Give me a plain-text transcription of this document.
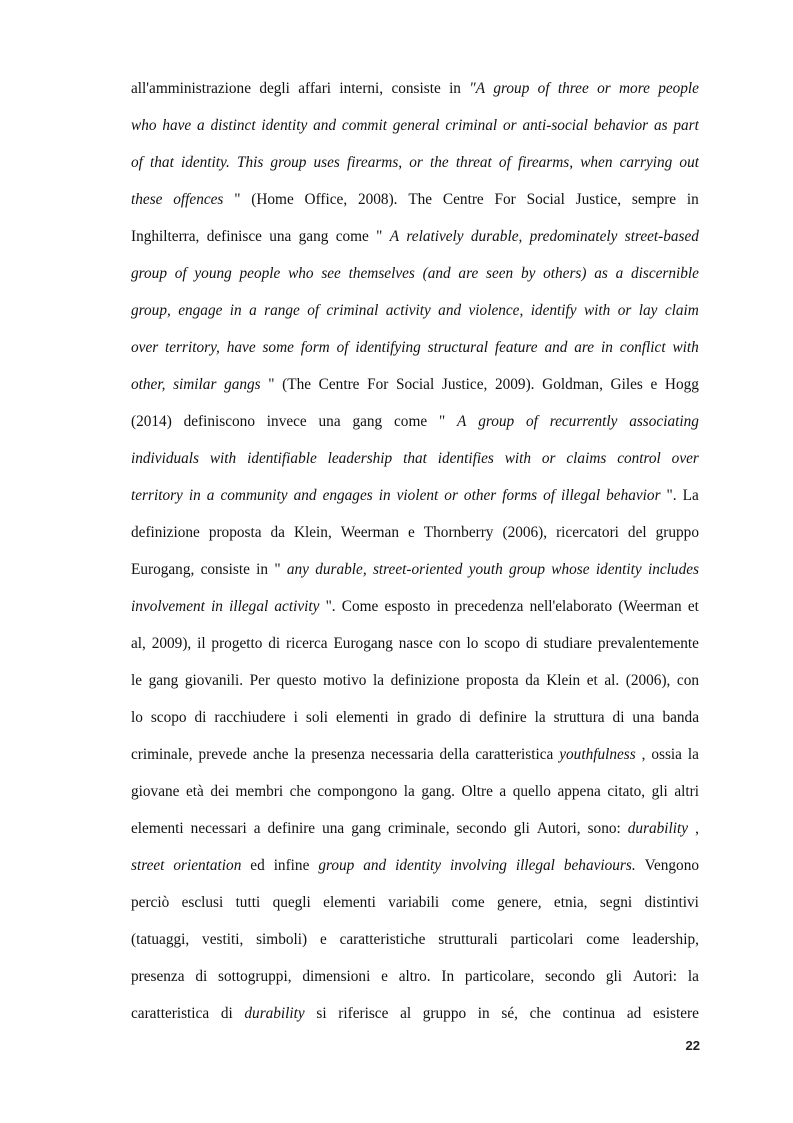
all'amministrazione degli affari interni, consiste in "A group of three or more people
who have a distinct identity and commit general criminal or anti-social behavior as part
of that identity. This group uses firearms, or the threat of firearms, when carrying out
these offences " (Home Office, 2008). The Centre For Social Justice, sempre in
Inghilterra, definisce una gang come " A relatively durable, predominately street-based
group of young people who see themselves (and are seen by others) as a discernible
group, engage in a range of criminal activity and violence, identify with or lay claim
over territory, have some form of identifying structural feature and are in conflict with
other, similar gangs " (The Centre For Social Justice, 2009). Goldman, Giles e Hogg
(2014) definiscono invece una gang come " A group of recurrently associating
individuals with identifiable leadership that identifies with or claims control over
territory in a community and engages in violent or other forms of illegal behavior ". La
definizione proposta da Klein, Weerman e Thornberry (2006), ricercatori del gruppo
Eurogang, consiste in " any durable, street-oriented youth group whose identity includes
involvement in illegal activity ". Come esposto in precedenza nell'elaborato (Weerman et
al, 2009), il progetto di ricerca Eurogang nasce con lo scopo di studiare prevalentemente
le gang giovanili. Per questo motivo la definizione proposta da Klein et al. (2006), con
lo scopo di racchiudere i soli elementi in grado di definire la struttura di una banda
criminale, prevede anche la presenza necessaria della caratteristica youthfulness , ossia la
giovane età dei membri che compongono la gang. Oltre a quello appena citato, gli altri
elementi necessari a definire una gang criminale, secondo gli Autori, sono: durability ,
street orientation ed infine group and identity involving illegal behaviours. Vengono
perciò esclusi tutti quegli elementi variabili come genere, etnia, segni distintivi
(tatuaggi, vestiti, simboli) e caratteristiche strutturali particolari come leadership,
presenza di sottogruppi, dimensioni e altro. In particolare, secondo gli Autori: la
caratteristica di durability si riferisce al gruppo in sé, che continua ad esistere
22
